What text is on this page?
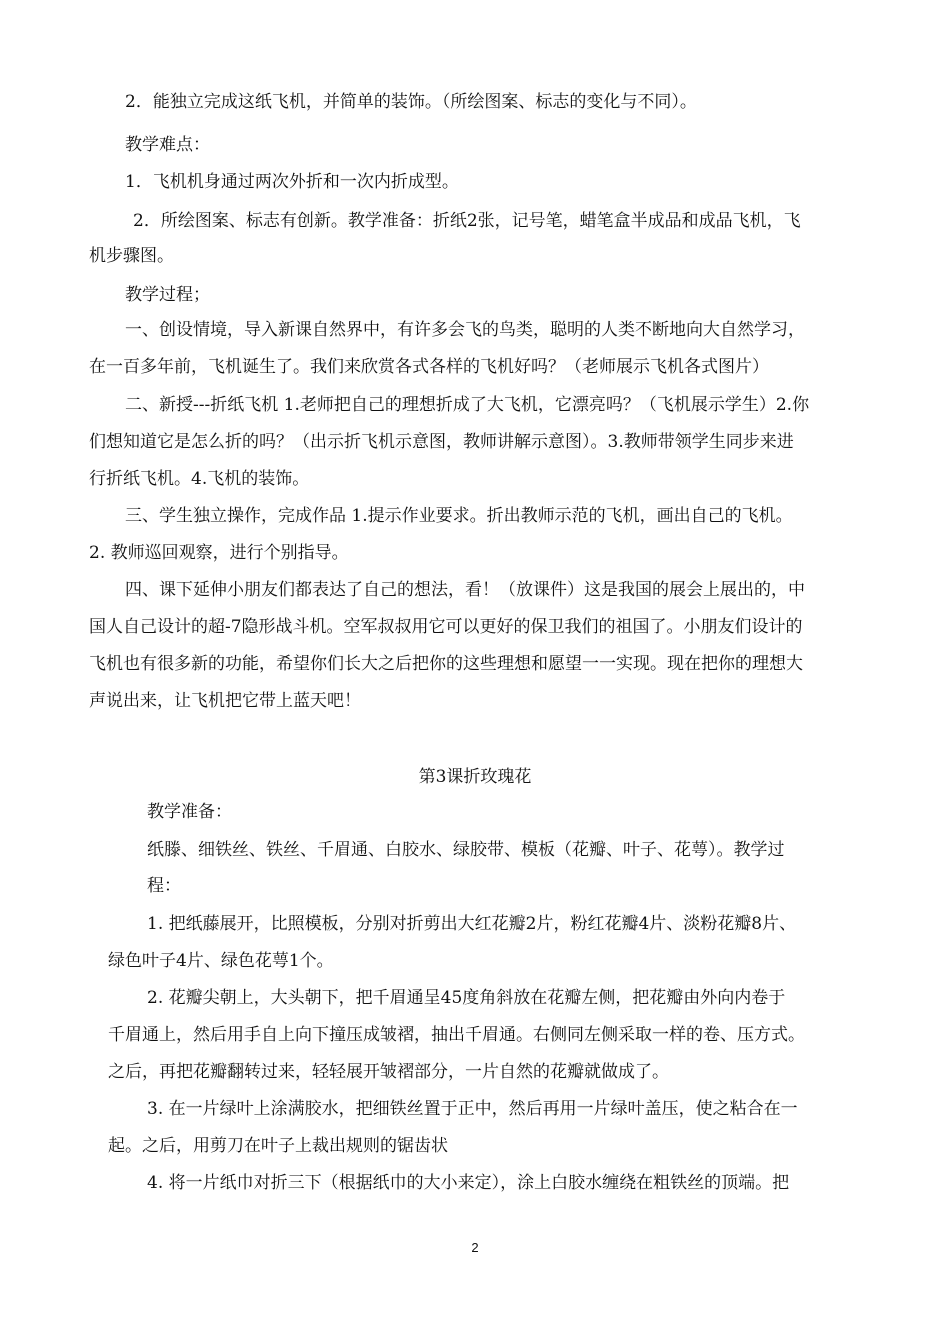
2．能独立完成这纸飞机，并简单的装饰。（所绘图案、标志的变化与不同）。
教学难点：
1．飞机机身通过两次外折和一次内折成型。
2．所绘图案、标志有创新。教学准备：折纸2张，记号笔，蜡笔盒半成品和成品飞机，飞
机步骤图。
教学过程；
一、创设情境，导入新课自然界中，有许多会飞的鸟类，聪明的人类不断地向大自然学习，
在一百多年前，飞机诞生了。我们来欣赏各式各样的飞机好吗？（老师展示飞机各式图片）
二、新授---折纸飞机 1.老师把自己的理想折成了大飞机，它漂亮吗？（飞机展示学生）2.你
们想知道它是怎么折的吗？（出示折飞机示意图，教师讲解示意图）。3.教师带领学生同步来进
行折纸飞机。4.飞机的装饰。
三、学生独立操作，完成作品 1.提示作业要求。折出教师示范的飞机，画出自己的飞机。
2. 教师巡回观察，进行个别指导。
四、课下延伸小朋友们都表达了自己的想法，看！（放课件）这是我国的展会上展出的，中
国人自己设计的超-7隐形战斗机。空军叔叔用它可以更好的保卫我们的祖国了。小朋友们设计的
飞机也有很多新的功能，希望你们长大之后把你的这些理想和愿望一一实现。现在把你的理想大
声说出来，让飞机把它带上蓝天吧！
第3课折玫瑰花
教学准备：
纸滕、细铁丝、铁丝、千眉通、白胶水、绿胶带、模板（花瓣、叶子、花萼）。教学过
程：
1. 把纸藤展开，比照模板，分别对折剪出大红花瓣2片，粉红花瓣4片、淡粉花瓣8片、
绿色叶子4片、绿色花萼1个。
2. 花瓣尖朝上，大头朝下，把千眉通呈45度角斜放在花瓣左侧，把花瓣由外向内卷于
千眉通上，然后用手自上向下撞压成皱褶，抽出千眉通。右侧同左侧采取一样的卷、压方式。
之后，再把花瓣翻转过来，轻轻展开皱褶部分，一片自然的花瓣就做成了。
3. 在一片绿叶上涂满胶水，把细铁丝置于正中，然后再用一片绿叶盖压，使之粘合在一
起。之后，用剪刀在叶子上裁出规则的锯齿状
4. 将一片纸巾对折三下（根据纸巾的大小来定），涂上白胶水缠绕在粗铁丝的顶端。把
2
